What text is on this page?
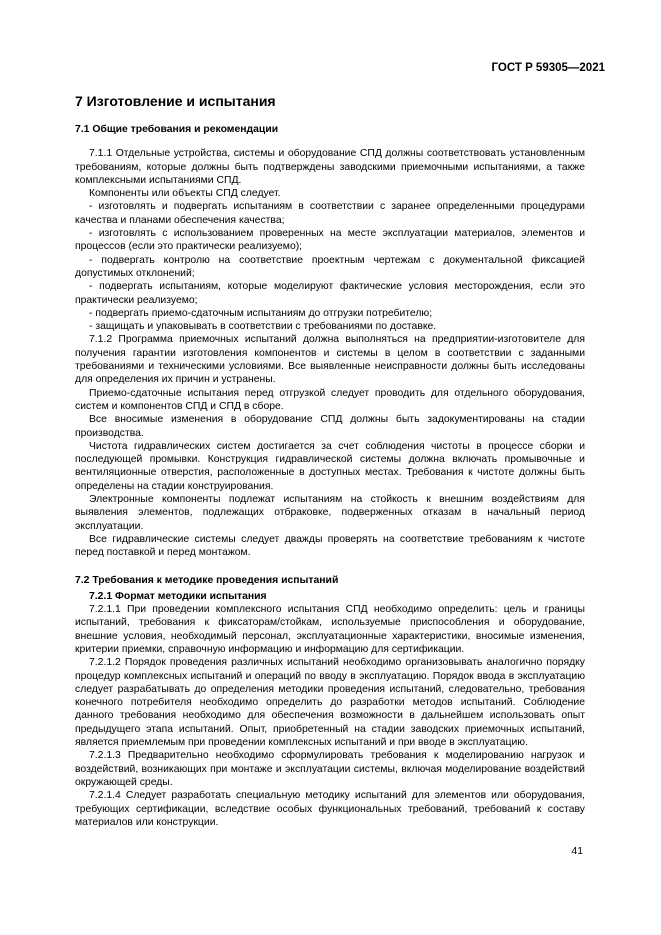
ГОСТ Р 59305—2021
7 Изготовление и испытания
7.1 Общие требования и рекомендации

7.1.1 Отдельные устройства, системы и оборудование СПД должны соответствовать установленным требованиям, которые должны быть подтверждены заводскими приемочными испытаниями, а также комплексными испытаниями СПД.

Компоненты или объекты СПД следует.

- изготовлять и подвергать испытаниям в соответствии с заранее определенными процедурами качества и планами обеспечения качества;

- изготовлять с использованием проверенных на месте эксплуатации материалов, элементов и процессов (если это практически реализуемо);

- подвергать контролю на соответствие проектным чертежам с документальной фиксацией допустимых отклонений;

- подвергать испытаниям, которые моделируют фактические условия месторождения, если это практически реализуемо;

- подвергать приемо-сдаточным испытаниям до отгрузки потребителю;

- защищать и упаковывать в соответствии с требованиями по доставке.

7.1.2 Программа приемочных испытаний должна выполняться на предприятии-изготовителе для получения гарантии изготовления компонентов и системы в целом в соответствии с заданными требованиями и техническими условиями. Все выявленные неисправности должны быть исследованы для определения их причин и устранены.

Приемо-сдаточные испытания перед отгрузкой следует проводить для отдельного оборудования, систем и компонентов СПД и СПД в сборе.

Все вносимые изменения в оборудование СПД должны быть задокументированы на стадии производства.

Чистота гидравлических систем достигается за счет соблюдения чистоты в процессе сборки и последующей промывки. Конструкция гидравлической системы должна включать промывочные и вентиляционные отверстия, расположенные в доступных местах. Требования к чистоте должны быть определены на стадии конструирования.

Электронные компоненты подлежат испытаниям на стойкость к внешним воздействиям для выявления элементов, подлежащих отбраковке, подверженных отказам в начальный период эксплуатации.

Все гидравлические системы следует дважды проверять на соответствие требованиям к чистоте перед поставкой и перед монтажом.

7.2 Требования к методике проведения испытаний
7.2.1 Формат методики испытания

7.2.1.1 При проведении комплексного испытания СПД необходимо определить: цель и границы испытаний, требования к фиксаторам/стойкам, используемые приспособления и оборудование, внешние условия, необходимый персонал, эксплуатационные характеристики, вносимые изменения, критерии приемки, справочную информацию и информацию для сертификации.

7.2.1.2 Порядок проведения различных испытаний необходимо организовывать аналогично порядку процедур комплексных испытаний и операций по вводу в эксплуатацию. Порядок ввода в эксплуатацию следует разрабатывать до определения методики проведения испытаний, следовательно, требования конечного потребителя необходимо определить до разработки методов испытаний. Соблюдение данного требования необходимо для обеспечения возможности в дальнейшем использовать опыт предыдущего этапа испытаний. Опыт, приобретенный на стадии заводских приемочных испытаний, является приемлемым при проведении комплексных испытаний и при вводе в эксплуатацию.

7.2.1.3 Предварительно необходимо сформулировать требования к моделированию нагрузок и воздействий, возникающих при монтаже и эксплуатации системы, включая моделирование воздействий окружающей среды.

7.2.1.4 Следует разработать специальную методику испытаний для элементов или оборудования, требующих сертификации, вследствие особых функциональных требований, требований к составу материалов или конструкции.

41
